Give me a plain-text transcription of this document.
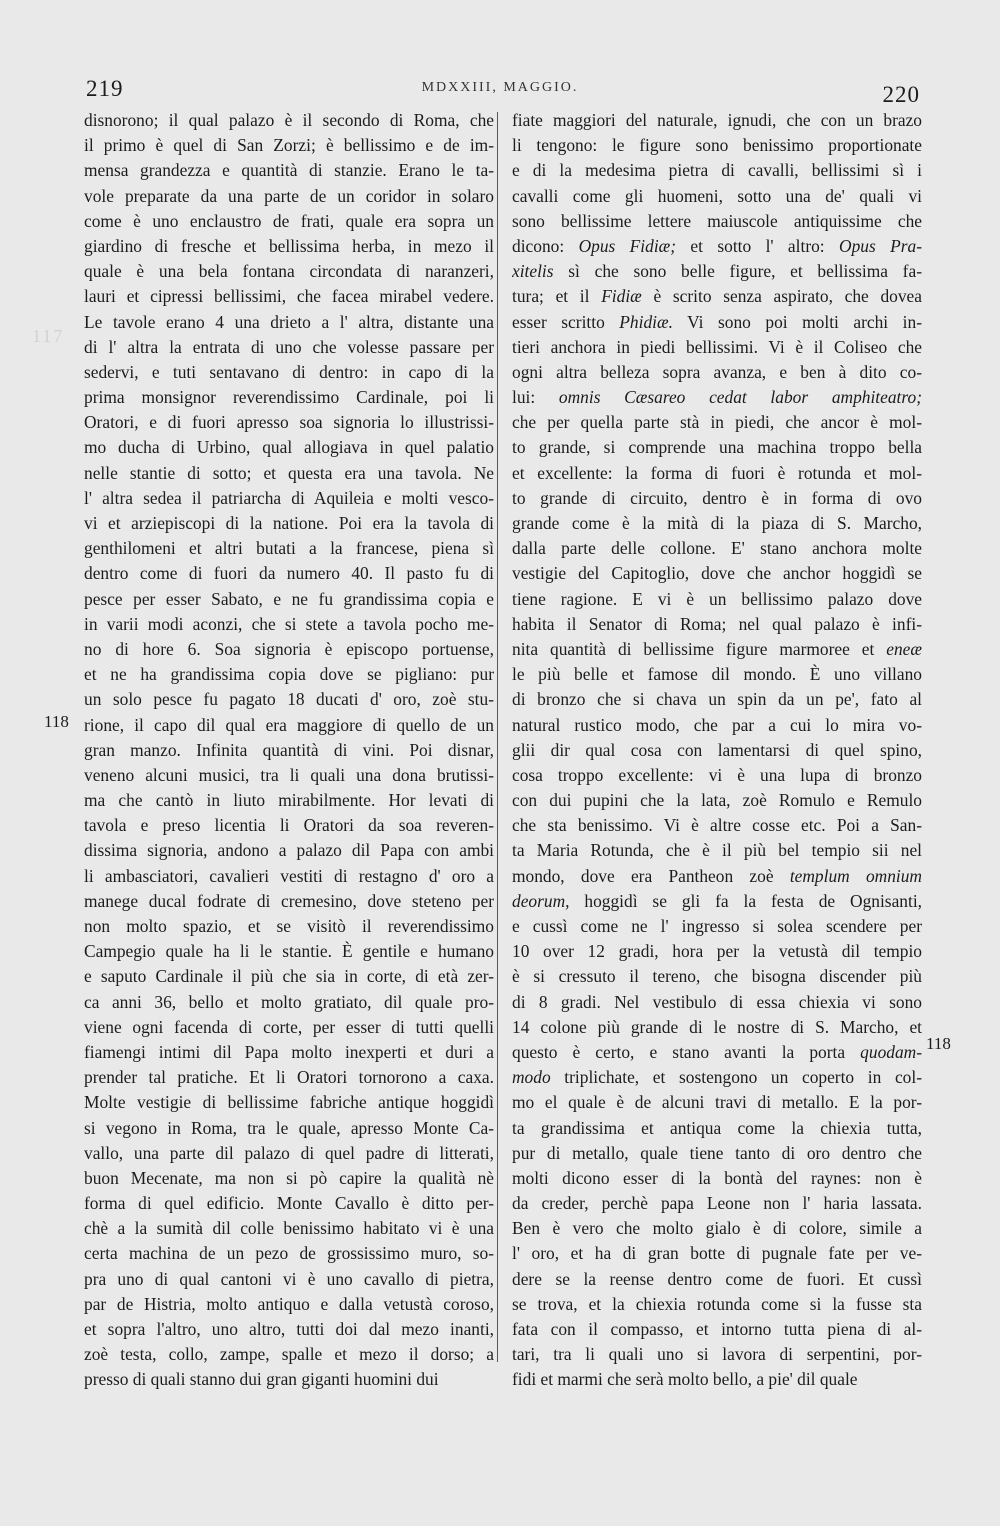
219	MDXXIII, MAGGIO.	220
117
118
118
disnorono; il qual palazo è il secondo di Roma, che
il primo è quel di San Zorzi; è bellissimo e de im-
mensa grandezza e quantità di stanzie. Erano le ta-
vole preparate da una parte de un coridor in solaro
come è uno enclaustro de frati, quale era sopra un
giardino di fresche et bellissima herba, in mezo il
quale è una bela fontana circondata di naranzeri,
lauri et cipressi bellissimi, che facea mirabel vedere.
Le tavole erano 4 una drieto a l' altra, distante una
di l' altra la entrata di uno che volesse passare per
sedervi, e tuti sentavano di dentro: in capo di la
prima monsignor reverendissimo Cardinale, poi li
Oratori, e di fuori apresso soa signoria lo illustrissi-
mo ducha di Urbino, qual allogiava in quel palatio
nelle stantie di sotto; et questa era una tavola. Ne
l' altra sedea il patriarcha di Aquileia e molti vesco-
vi et arziepiscopi di la natione. Poi era la tavola di
genthilomeni et altri butati a la francese, piena sì
dentro come di fuori da numero 40. Il pasto fu di
pesce per esser Sabato, e ne fu grandissima copia e
in varii modi aconzi, che si stete a tavola pocho me-
no di hore 6. Soa signoria è episcopo portuense,
et ne ha grandissima copia dove se pigliano: pur
un solo pesce fu pagato 18 ducati d' oro, zoè stu-
rione, il capo dil qual era maggiore di quello de un
gran manzo. Infinita quantità di vini. Poi disnar,
veneno alcuni musici, tra li quali una dona brutissi-
ma che cantò in liuto mirabilmente. Hor levati di
tavola e preso licentia li Oratori da soa reveren-
dissima signoria, andono a palazo dil Papa con ambi
li ambasciatori, cavalieri vestiti di restagno d' oro a
manege ducal fodrate di cremesino, dove steteno per
non molto spazio, et se visitò il reverendissimo
Campegio quale ha li le stantie. È gentile e humano
e saputo Cardinale il più che sia in corte, di età zer-
ca anni 36, bello et molto gratiato, dil quale pro-
viene ogni facenda di corte, per esser di tutti quelli
fiamengi intimi dil Papa molto inexperti et duri a
prender tal pratiche. Et li Oratori tornorono a caxa.
Molte vestigie di bellissime fabriche antique hoggidì
si vegono in Roma, tra le quale, apresso Monte Ca-
vallo, una parte dil palazo di quel padre di litterati,
buon Mecenate, ma non si pò capire la qualità nè
forma di quel edificio. Monte Cavallo è ditto per-
chè a la sumità dil colle benissimo habitato vi è una
certa machina de un pezo de grossissimo muro, so-
pra uno di qual cantoni vi è uno cavallo di pietra,
par de Histria, molto antiquo e dalla vetustà coroso,
et sopra l'altro, uno altro, tutti doi dal mezo inanti,
zoè testa, collo, zampe, spalle et mezo il dorso; a
presso di quali stanno dui gran giganti huomini dui
fiate maggiori del naturale, ignudi, che con un brazo
li tengono: le figure sono benissimo proportionate
e di la medesima pietra di cavalli, bellissimi sì i
cavalli come gli huomeni, sotto una de' quali vi
sono bellissime lettere maiuscole antiquissime che
dicono: Opus Fidiæ; et sotto l' altro: Opus Pra-
xitelis sì che sono belle figure, et bellissima fa-
tura; et il Fidiæ è scrito senza aspirato, che dovea
esser scritto Phidiæ. Vi sono poi molti archi in-
tieri anchora in piedi bellissimi. Vi è il Coliseo che
ogni altra belleza sopra avanza, e ben à dito co-
lui: omnis Cæsareo cedat labor amphiteatro;
che per quella parte stà in piedi, che ancor è mol-
to grande, si comprende una machina troppo bella
et excellente: la forma di fuori è rotunda et mol-
to grande di circuito, dentro è in forma di ovo
grande come è la mità di la piaza di S. Marcho,
dalla parte delle collone. E' stano anchora molte
vestigie del Capitoglio, dove che anchor hoggidì se
tiene ragione. E vi è un bellissimo palazo dove
habita il Senator di Roma; nel qual palazo è infi-
nita quantità di bellissime figure marmoree et eneæ
le più belle et famose dil mondo. È uno villano
di bronzo che si chava un spin da un pe', fato al
natural rustico modo, che par a cui lo mira vo-
glii dir qual cosa con lamentarsi di quel spino,
cosa troppo excellente: vi è una lupa di bronzo
con dui pupini che la lata, zoè Romulo e Remulo
che sta benissimo. Vi è altre cosse etc. Poi a San-
ta Maria Rotunda, che è il più bel tempio sii nel
mondo, dove era Pantheon zoè templum omnium
deorum, hoggidì se gli fa la festa de Ognisanti,
e cussì come ne l' ingresso si solea scendere per
10 over 12 gradi, hora per la vetustà dil tempio
è si cressuto il tereno, che bisogna discender più
di 8 gradi. Nel vestibulo di essa chiexia vi sono
14 colone più grande di le nostre di S. Marcho, et
questo è certo, e stano avanti la porta quodam-
modo triplichate, et sostengono un coperto in col-
mo el quale è de alcuni travi di metallo. E la por-
ta grandissima et antiqua come la chiexia tutta,
pur di metallo, quale tiene tanto di oro dentro che
molti dicono esser di la bontà del raynes: non è
da creder, perchè papa Leone non l' haria lassata.
Ben è vero che molto gialo è di colore, simile a
l' oro, et ha di gran botte di pugnale fate per ve-
dere se la reense dentro come de fuori. Et cussì
se trova, et la chiexia rotunda come si la fusse sta
fata con il compasso, et intorno tutta piena di al-
tari, tra li quali uno si lavora di serpentini, por-
fidi et marmi che serà molto bello, a pie' dil quale
